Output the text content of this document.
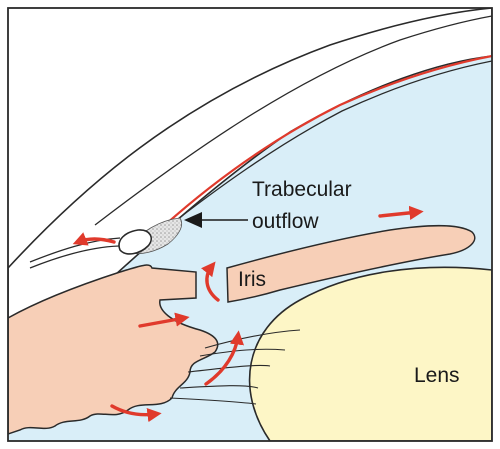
Trabecular
outflow
Iris
Lens
